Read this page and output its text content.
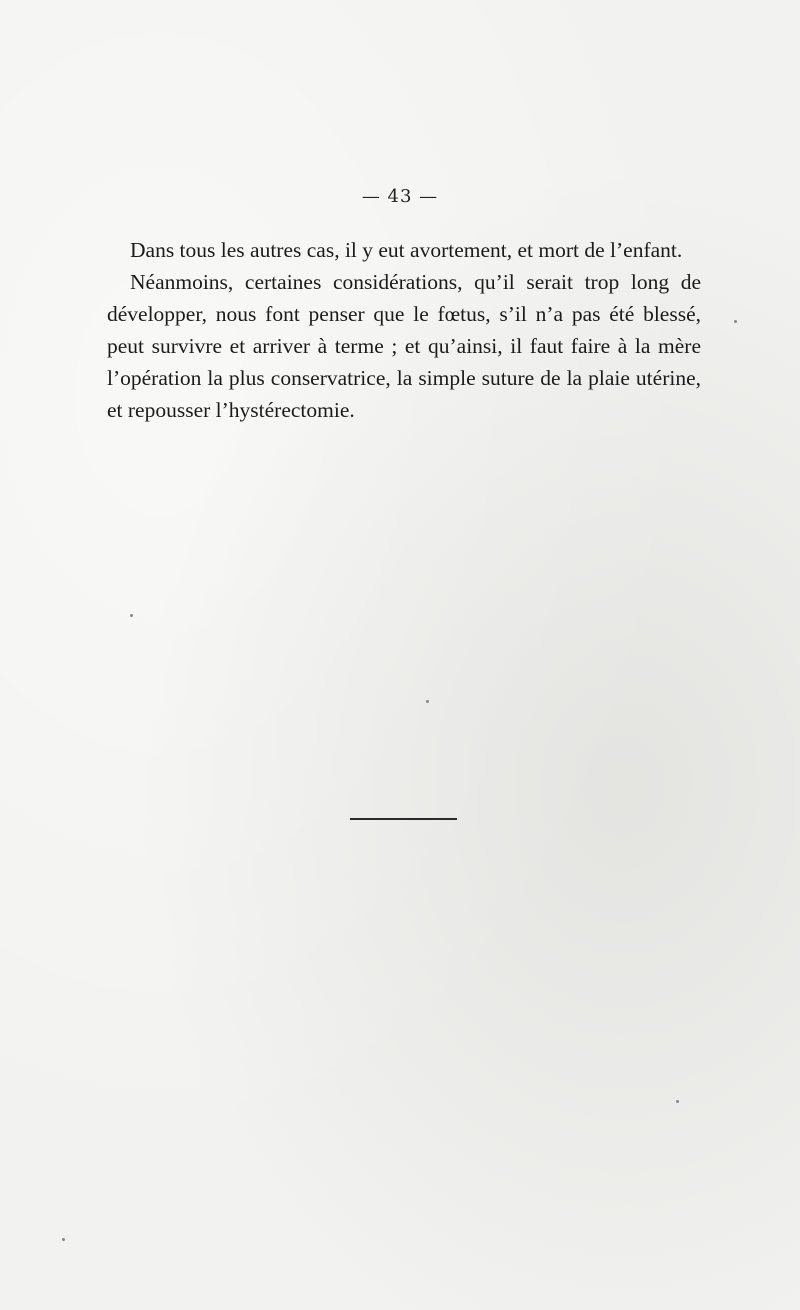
— 43 —

Dans tous les autres cas, il y eut avortement, et mort de l’enfant.

Néanmoins, certaines considérations, qu’il serait trop long de développer, nous font penser que le fœtus, s’il n’a pas été blessé, peut survivre et arriver à terme ; et qu’ainsi, il faut faire à la mère l’opération la plus conservatrice, la simple suture de la plaie utérine, et repousser l’hystérectomie.
